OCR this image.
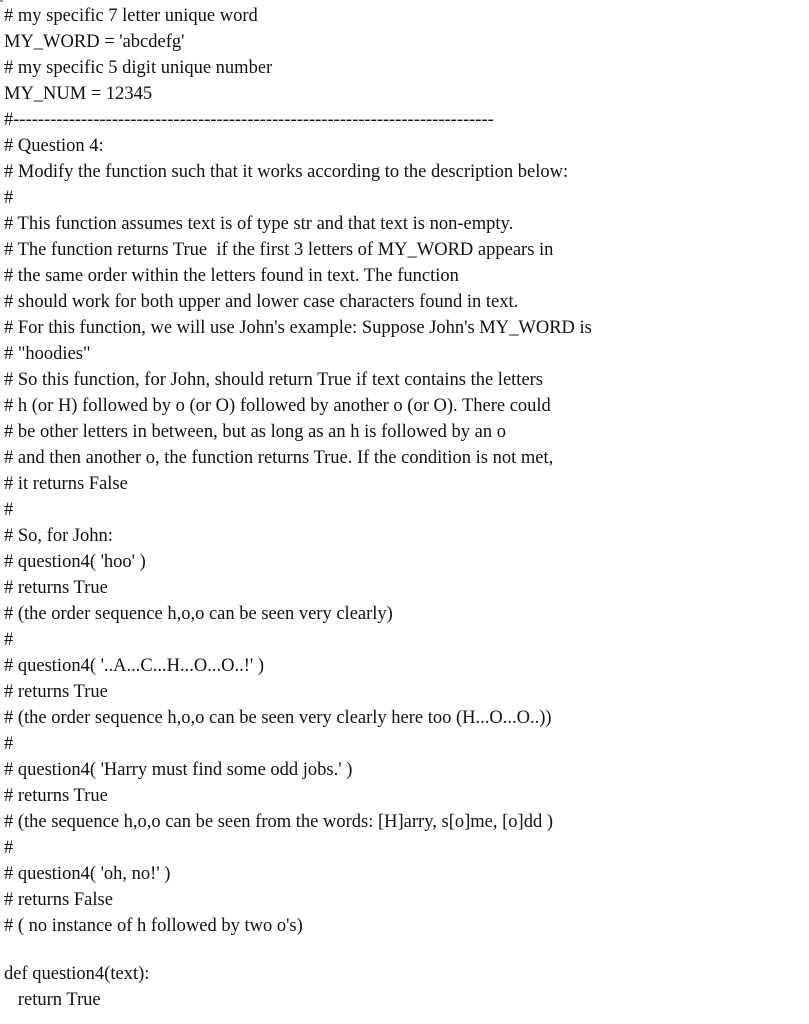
# my specific 7 letter unique word
MY_WORD = 'abcdefg'
# my specific 5 digit unique number
MY_NUM = 12345
#------------------------------------------------------------------------------
# Question 4:
# Modify the function such that it works according to the description below:
#
# This function assumes text is of type str and that text is non-empty.
# The function returns True  if the first 3 letters of MY_WORD appears in
# the same order within the letters found in text. The function
# should work for both upper and lower case characters found in text.
# For this function, we will use John's example: Suppose John's MY_WORD is
# "hoodies"
# So this function, for John, should return True if text contains the letters
# h (or H) followed by o (or O) followed by another o (or O). There could
# be other letters in between, but as long as an h is followed by an o
# and then another o, the function returns True. If the condition is not met,
# it returns False
#
# So, for John:
# question4( 'hoo' )
# returns True
# (the order sequence h,o,o can be seen very clearly)
#
# question4( '..A...C...H...O...O..!' )
# returns True
# (the order sequence h,o,o can be seen very clearly here too (H...O...O..))
#
# question4( 'Harry must find some odd jobs.' )
# returns True
# (the sequence h,o,o can be seen from the words: [H]arry, s[o]me, [o]dd )
#
# question4( 'oh, no!' )
# returns False
# ( no instance of h followed by two o's)
def question4(text):
return True
